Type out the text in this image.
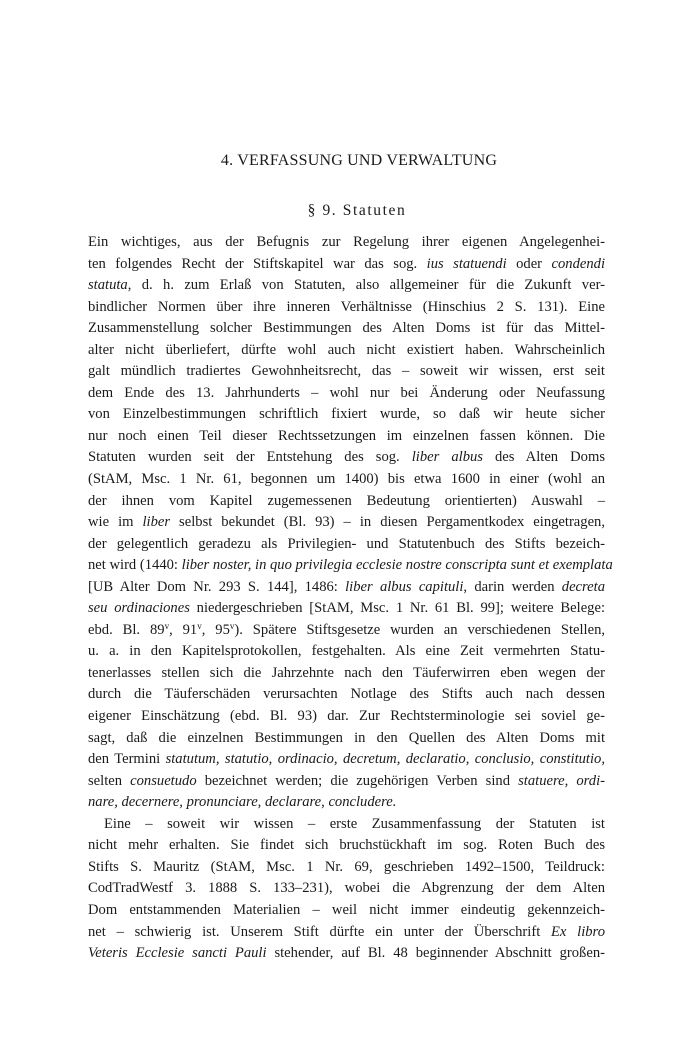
4. VERFASSUNG UND VERWALTUNG
§ 9. Statuten
Ein wichtiges, aus der Befugnis zur Regelung ihrer eigenen Angelegenhei-
ten folgendes Recht der Stiftskapitel war das sog. ius statuendi oder condendi
statuta, d. h. zum Erlaß von Statuten, also allgemeiner für die Zukunft ver-
bindlicher Normen über ihre inneren Verhältnisse (Hinschius 2 S. 131). Eine
Zusammenstellung solcher Bestimmungen des Alten Doms ist für das Mittel-
alter nicht überliefert, dürfte wohl auch nicht existiert haben. Wahrscheinlich
galt mündlich tradiertes Gewohnheitsrecht, das – soweit wir wissen, erst seit
dem Ende des 13. Jahrhunderts – wohl nur bei Änderung oder Neufassung
von Einzelbestimmungen schriftlich fixiert wurde, so daß wir heute sicher
nur noch einen Teil dieser Rechtssetzungen im einzelnen fassen können. Die
Statuten wurden seit der Entstehung des sog. liber albus des Alten Doms
(StAM, Msc. 1 Nr. 61, begonnen um 1400) bis etwa 1600 in einer (wohl an
der ihnen vom Kapitel zugemessenen Bedeutung orientierten) Auswahl –
wie im liber selbst bekundet (Bl. 93) – in diesen Pergamentkodex eingetragen,
der gelegentlich geradezu als Privilegien- und Statutenbuch des Stifts bezeich-
net wird (1440: liber noster, in quo privilegia ecclesie nostre conscripta sunt et exemplata
[UB Alter Dom Nr. 293 S. 144], 1486: liber albus capituli, darin werden decreta
seu ordinaciones niedergeschrieben [StAM, Msc. 1 Nr. 61 Bl. 99]; weitere Belege:
ebd. Bl. 89$^v$, 91$^v$, 95$^v$). Spätere Stiftsgesetze wurden an verschiedenen Stellen,
u. a. in den Kapitelsprotokollen, festgehalten. Als eine Zeit vermehrten Statu-
tenerlasses stellen sich die Jahrzehnte nach den Täuferwirren eben wegen der
durch die Täuferschäden verursachten Notlage des Stifts auch nach dessen
eigener Einschätzung (ebd. Bl. 93) dar. Zur Rechtsterminologie sei soviel ge-
sagt, daß die einzelnen Bestimmungen in den Quellen des Alten Doms mit
den Termini statutum, statutio, ordinacio, decretum, declaratio, conclusio, constitutio,
selten consuetudo bezeichnet werden; die zugehörigen Verben sind statuere, ordi-
nare, decernere, pronunciare, declarare, concludere.
Eine – soweit wir wissen – erste Zusammenfassung der Statuten ist
nicht mehr erhalten. Sie findet sich bruchstückhaft im sog. Roten Buch des
Stifts S. Mauritz (StAM, Msc. 1 Nr. 69, geschrieben 1492–1500, Teildruck:
CodTradWestf 3. 1888 S. 133–231), wobei die Abgrenzung der dem Alten
Dom entstammenden Materialien – weil nicht immer eindeutig gekennzeich-
net – schwierig ist. Unserem Stift dürfte ein unter der Überschrift Ex libro
Veteris Ecclesie sancti Pauli stehender, auf Bl. 48 beginnender Abschnitt großen-
